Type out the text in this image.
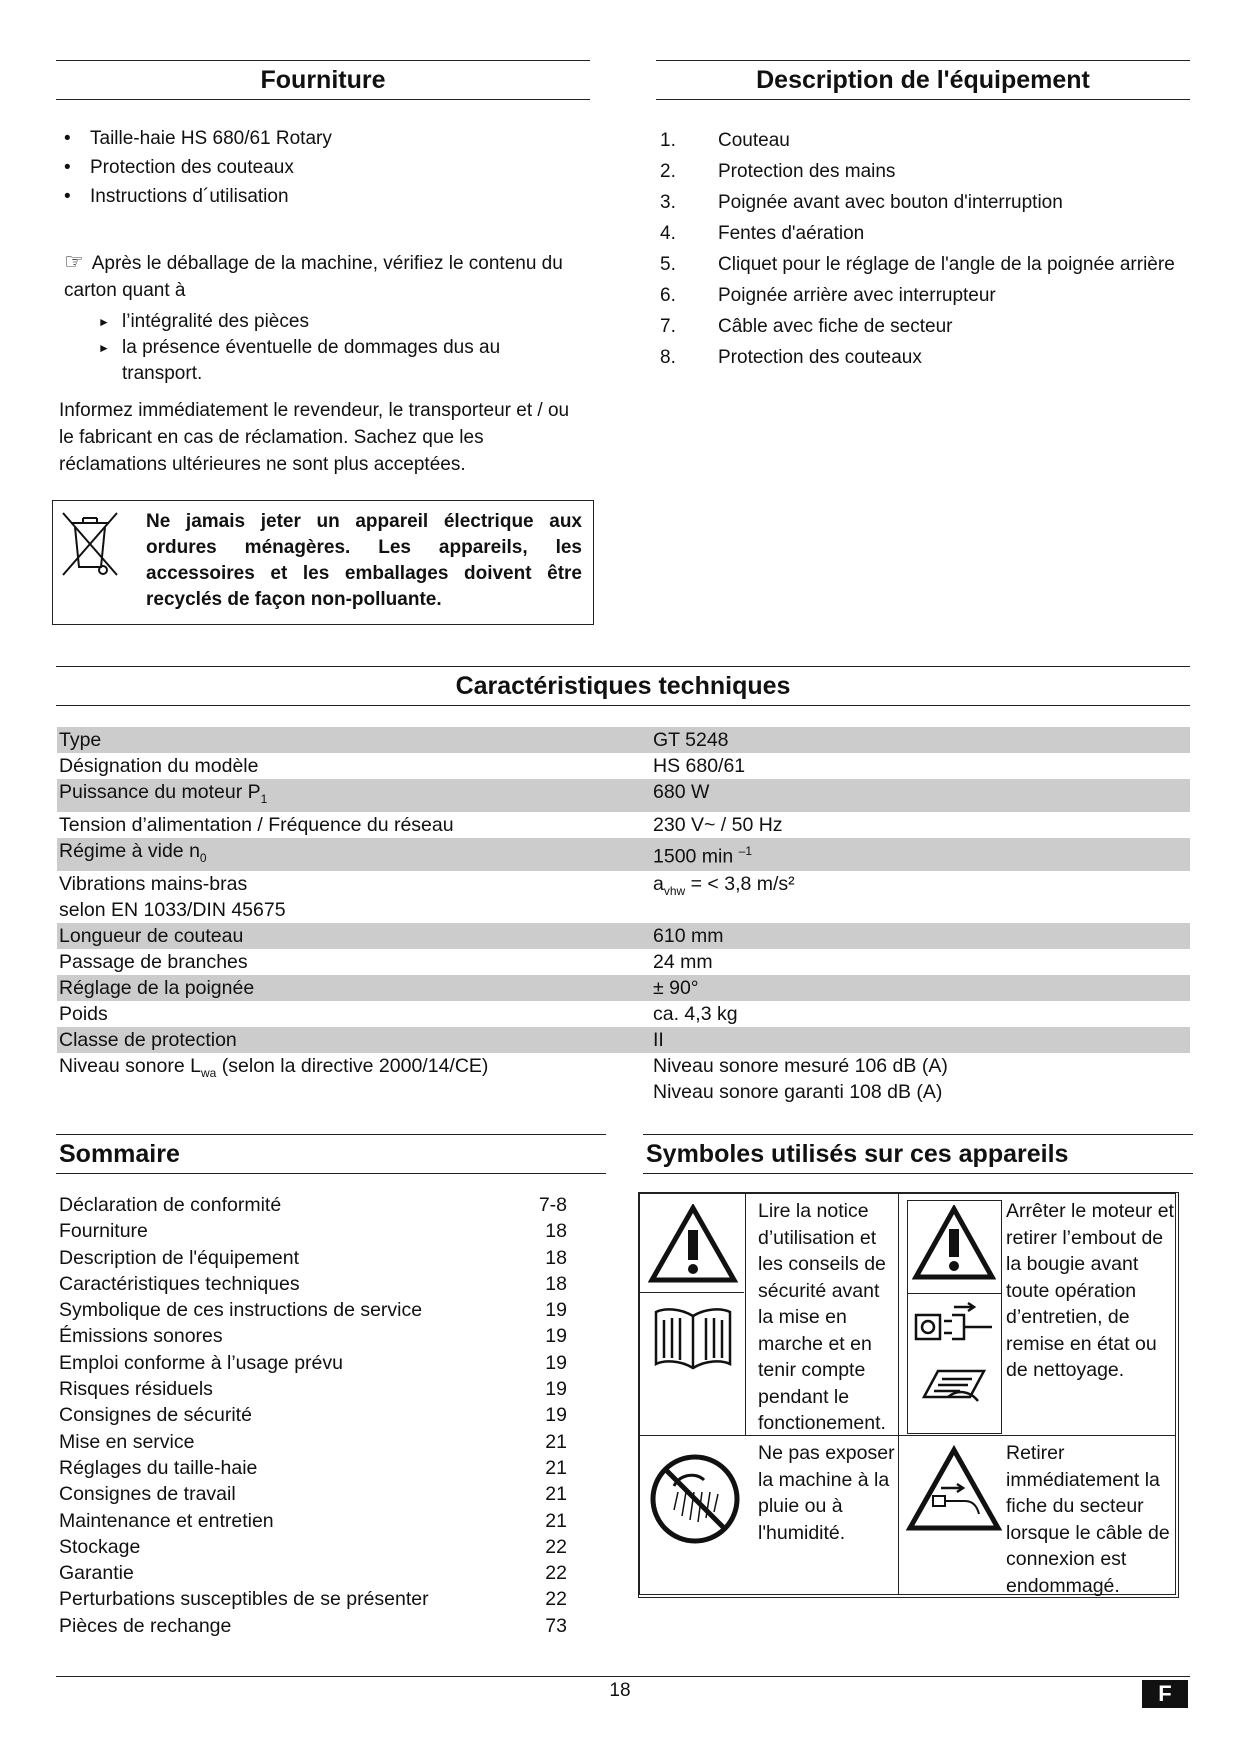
Fourniture
• Taille-haie HS 680/61 Rotary
• Protection des couteaux
• Instructions d´utilisation
☞ Après le déballage de la machine, vérifiez le contenu du carton quant à
► l’intégralité des pièces
► la présence éventuelle de dommages dus au transport.
Informez immédiatement le revendeur, le transporteur et / ou le fabricant en cas de réclamation. Sachez que les réclamations ultérieures ne sont plus acceptées.
Ne jamais jeter un appareil électrique aux ordures ménagères. Les appareils, les accessoires et les emballages doivent être recyclés de façon non-polluante.
Description de l'équipement
1.	Couteau
2.	Protection des mains
3.	Poignée avant avec bouton d'interruption
4.	Fentes d'aération
5.	Cliquet pour le réglage de l'angle de la poignée arrière
6.	Poignée arrière avec interrupteur
7.	Câble avec fiche de secteur
8.	Protection des couteaux
Caractéristiques techniques
Type	GT 5248
Désignation du modèle	HS 680/61
Puissance du moteur $P_1$	680 W
Tension d’alimentation / Fréquence du réseau	230 V~ / 50 Hz
Régime à vide $n_0$	1500 min $^{-1}$

Vibrations mains-bras
selon EN 1033/DIN 45675	$a_{vhw}$ = < 3,8 m/s²
Longueur de couteau	610 mm
Passage de branches	24 mm
Réglage de la poignée	± 90°
Poids	ca. 4,3 kg
Classe de protection	II
Niveau sonore $L_{wa}$ (selon la directive 2000/14/CE)	Niveau sonore mesuré 106 dB (A)
Niveau sonore garanti 108 dB (A)
Sommaire
Déclaration de conformité	7-8
Fourniture	18
Description de l'équipement	18
Caractéristiques techniques	18
Symbolique de ces instructions de service	19
Émissions sonores	19
Emploi conforme à l’usage prévu	19
Risques résiduels	19
Consignes de sécurité	19
Mise en service	21
Réglages du taille-haie	21
Consignes de travail	21
Maintenance et entretien	21
Stockage	22
Garantie	22
Perturbations susceptibles de se présenter	22
Pièces de rechange	73
Symboles utilisés sur ces appareils
Lire la notice d’utilisation et les conseils de sécurité avant la mise en marche et en tenir compte pendant le fonctionement.
Arrêter le moteur et retirer l’embout de la bougie avant toute opération d’entretien, de remise en état ou de nettoyage.
Ne pas exposer la machine à la pluie ou à l'humidité.
Retirer immédiatement la fiche du secteur lorsque le câble de connexion est endommagé.
18	F
